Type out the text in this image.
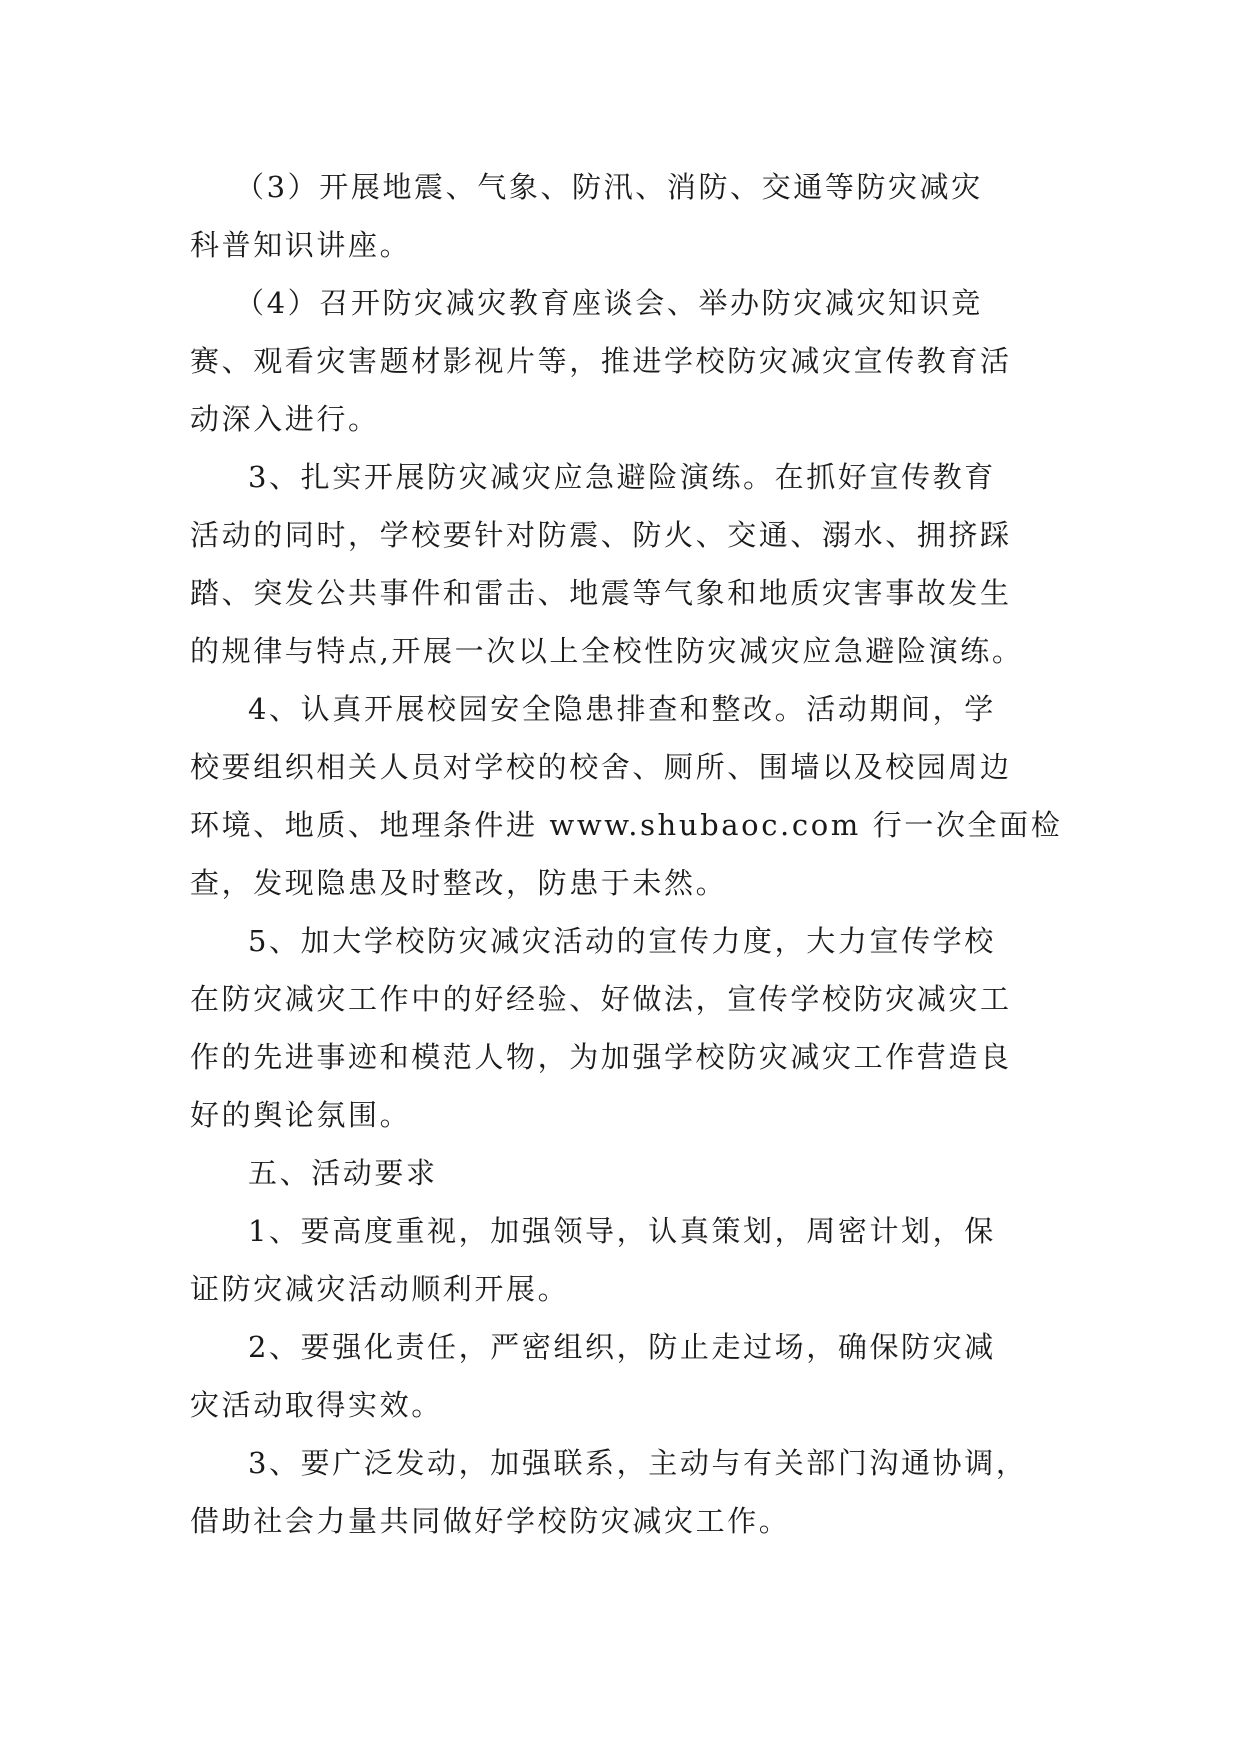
（3）开展地震、气象、防汛、消防、交通等防灾减灾
科普知识讲座。
（4）召开防灾减灾教育座谈会、举办防灾减灾知识竞
赛、观看灾害题材影视片等，推进学校防灾减灾宣传教育活
动深入进行。
3、扎实开展防灾减灾应急避险演练。在抓好宣传教育
活动的同时，学校要针对防震、防火、交通、溺水、拥挤踩
踏、突发公共事件和雷击、地震等气象和地质灾害事故发生
的规律与特点,开展一次以上全校性防灾减灾应急避险演练。
4、认真开展校园安全隐患排查和整改。活动期间，学
校要组织相关人员对学校的校舍、厕所、围墙以及校园周边
环境、地质、地理条件进 www.shubaoc.com 行一次全面检
查，发现隐患及时整改，防患于未然。
5、加大学校防灾减灾活动的宣传力度，大力宣传学校
在防灾减灾工作中的好经验、好做法，宣传学校防灾减灾工
作的先进事迹和模范人物，为加强学校防灾减灾工作营造良
好的舆论氛围。
五、活动要求
1、要高度重视，加强领导，认真策划，周密计划，保
证防灾减灾活动顺利开展。
2、要强化责任，严密组织，防止走过场，确保防灾减
灾活动取得实效。
3、要广泛发动，加强联系，主动与有关部门沟通协调，
借助社会力量共同做好学校防灾减灾工作。
